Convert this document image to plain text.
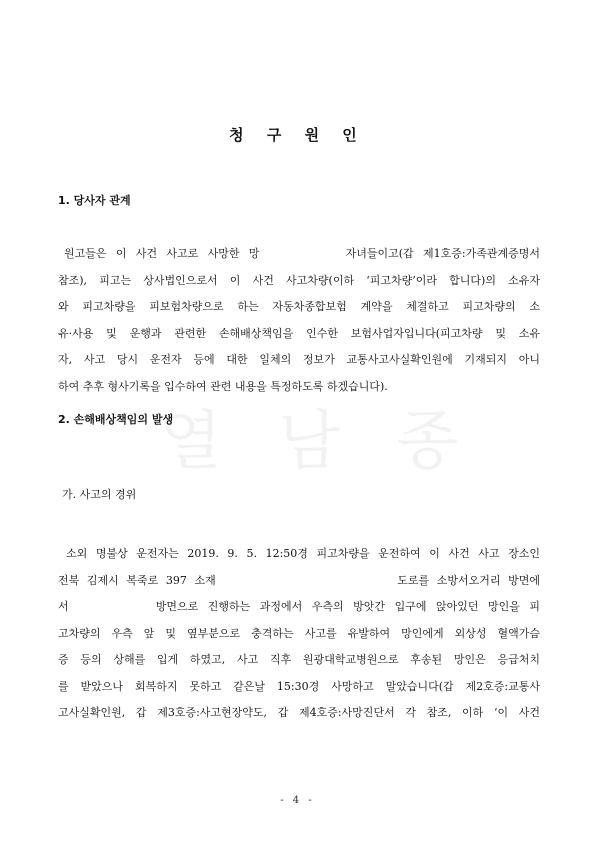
열 남 종
청 구 원 인
1. 당사자 관계
원고들은 이 사건 사고로 사망한 망 　　　　 자녀들이고(갑 제1호증:가족관계증명서
참조), 피고는 상사법인으로서 이 사건 사고차량(이하 ‘피고차량’이라 합니다)의 소유자
와 피고차량을 피보험차량으로 하는 자동차종합보험 계약을 체결하고 피고차량의 소
유·사용 및 운행과 관련한 손해배상책임을 인수한 보험사업자입니다(피고차량 및 소유
자, 사고 당시 운전자 등에 대한 일체의 정보가 교통사고사실확인원에 기재되지 아니
하여 추후 형사기록을 입수하여 관련 내용을 특정하도록 하겠습니다).
2. 손해배상책임의 발생
가. 사고의 경위
소외 명불상 운전자는 2019. 9. 5. 12:50경 피고차량을 운전하여 이 사건 사고 장소인
전북 김제시 복죽로 397 소재 　　　　　　　　　　　 도로를 소방서오거리 방면에
서 　　　　 방면으로 진행하는 과정에서 우측의 방앗간 입구에 앉아있던 망인을 피
고차량의 우측 앞 및 옆부분으로 충격하는 사고를 유발하여 망인에게 외상성 혈액가슴
증 등의 상해를 입게 하였고, 사고 직후 원광대학교병원으로 후송된 망인은 응급처치
를 받았으나 회복하지 못하고 같은날 15:30경 사망하고 말았습니다(갑 제2호증:교통사
고사실확인원, 갑 제3호증:사고현장약도, 갑 제4호증:사망진단서 각 참조, 이하 ‘이 사건
- 4 -
